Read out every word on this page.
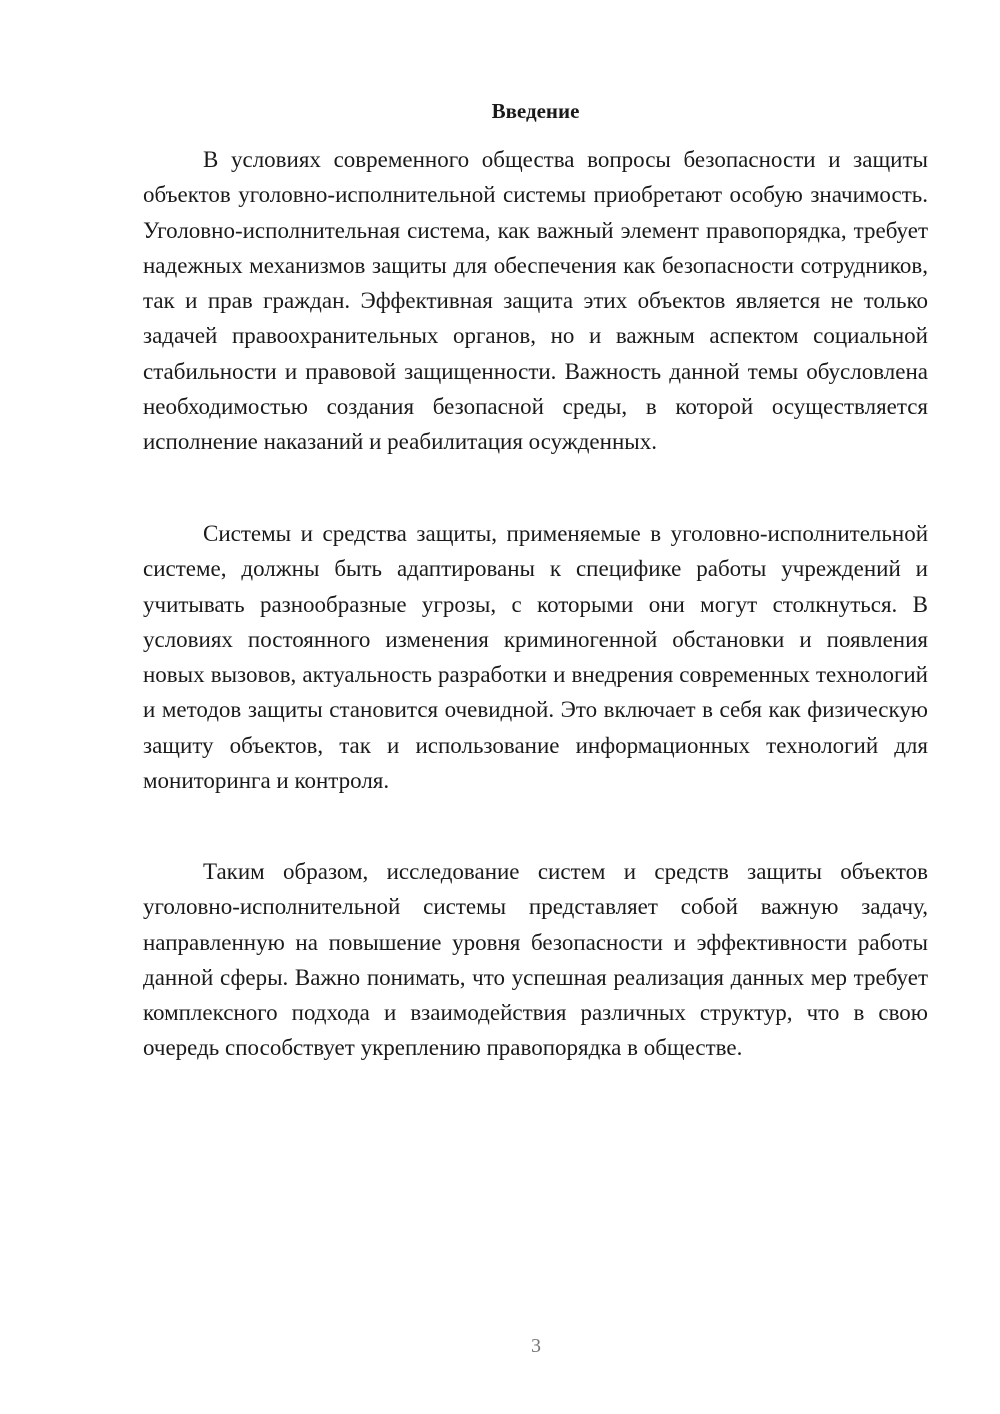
Введение

В условиях современного общества вопросы безопасности и защиты объектов уголовно-исполнительной системы приобретают особую значимость. Уголовно-исполнительная система, как важный элемент правопорядка, требует надежных механизмов защиты для обеспечения как безопасности сотрудников, так и прав граждан. Эффективная защита этих объектов является не только задачей правоохранительных органов, но и важным аспектом социальной стабильности и правовой защищенности. Важность данной темы обусловлена необходимостью создания безопасной среды, в которой осуществляется исполнение наказаний и реабилитация осужденных.

Системы и средства защиты, применяемые в уголовно-исполнительной системе, должны быть адаптированы к специфике работы учреждений и учитывать разнообразные угрозы, с которыми они могут столкнуться. В условиях постоянного изменения криминогенной обстановки и появления новых вызовов, актуальность разработки и внедрения современных технологий и методов защиты становится очевидной. Это включает в себя как физическую защиту объектов, так и использование информационных технологий для мониторинга и контроля.

Таким образом, исследование систем и средств защиты объектов уголовно-исполнительной системы представляет собой важную задачу, направленную на повышение уровня безопасности и эффективности работы данной сферы. Важно понимать, что успешная реализация данных мер требует комплексного подхода и взаимодействия различных структур, что в свою очередь способствует укреплению правопорядка в обществе.

3
